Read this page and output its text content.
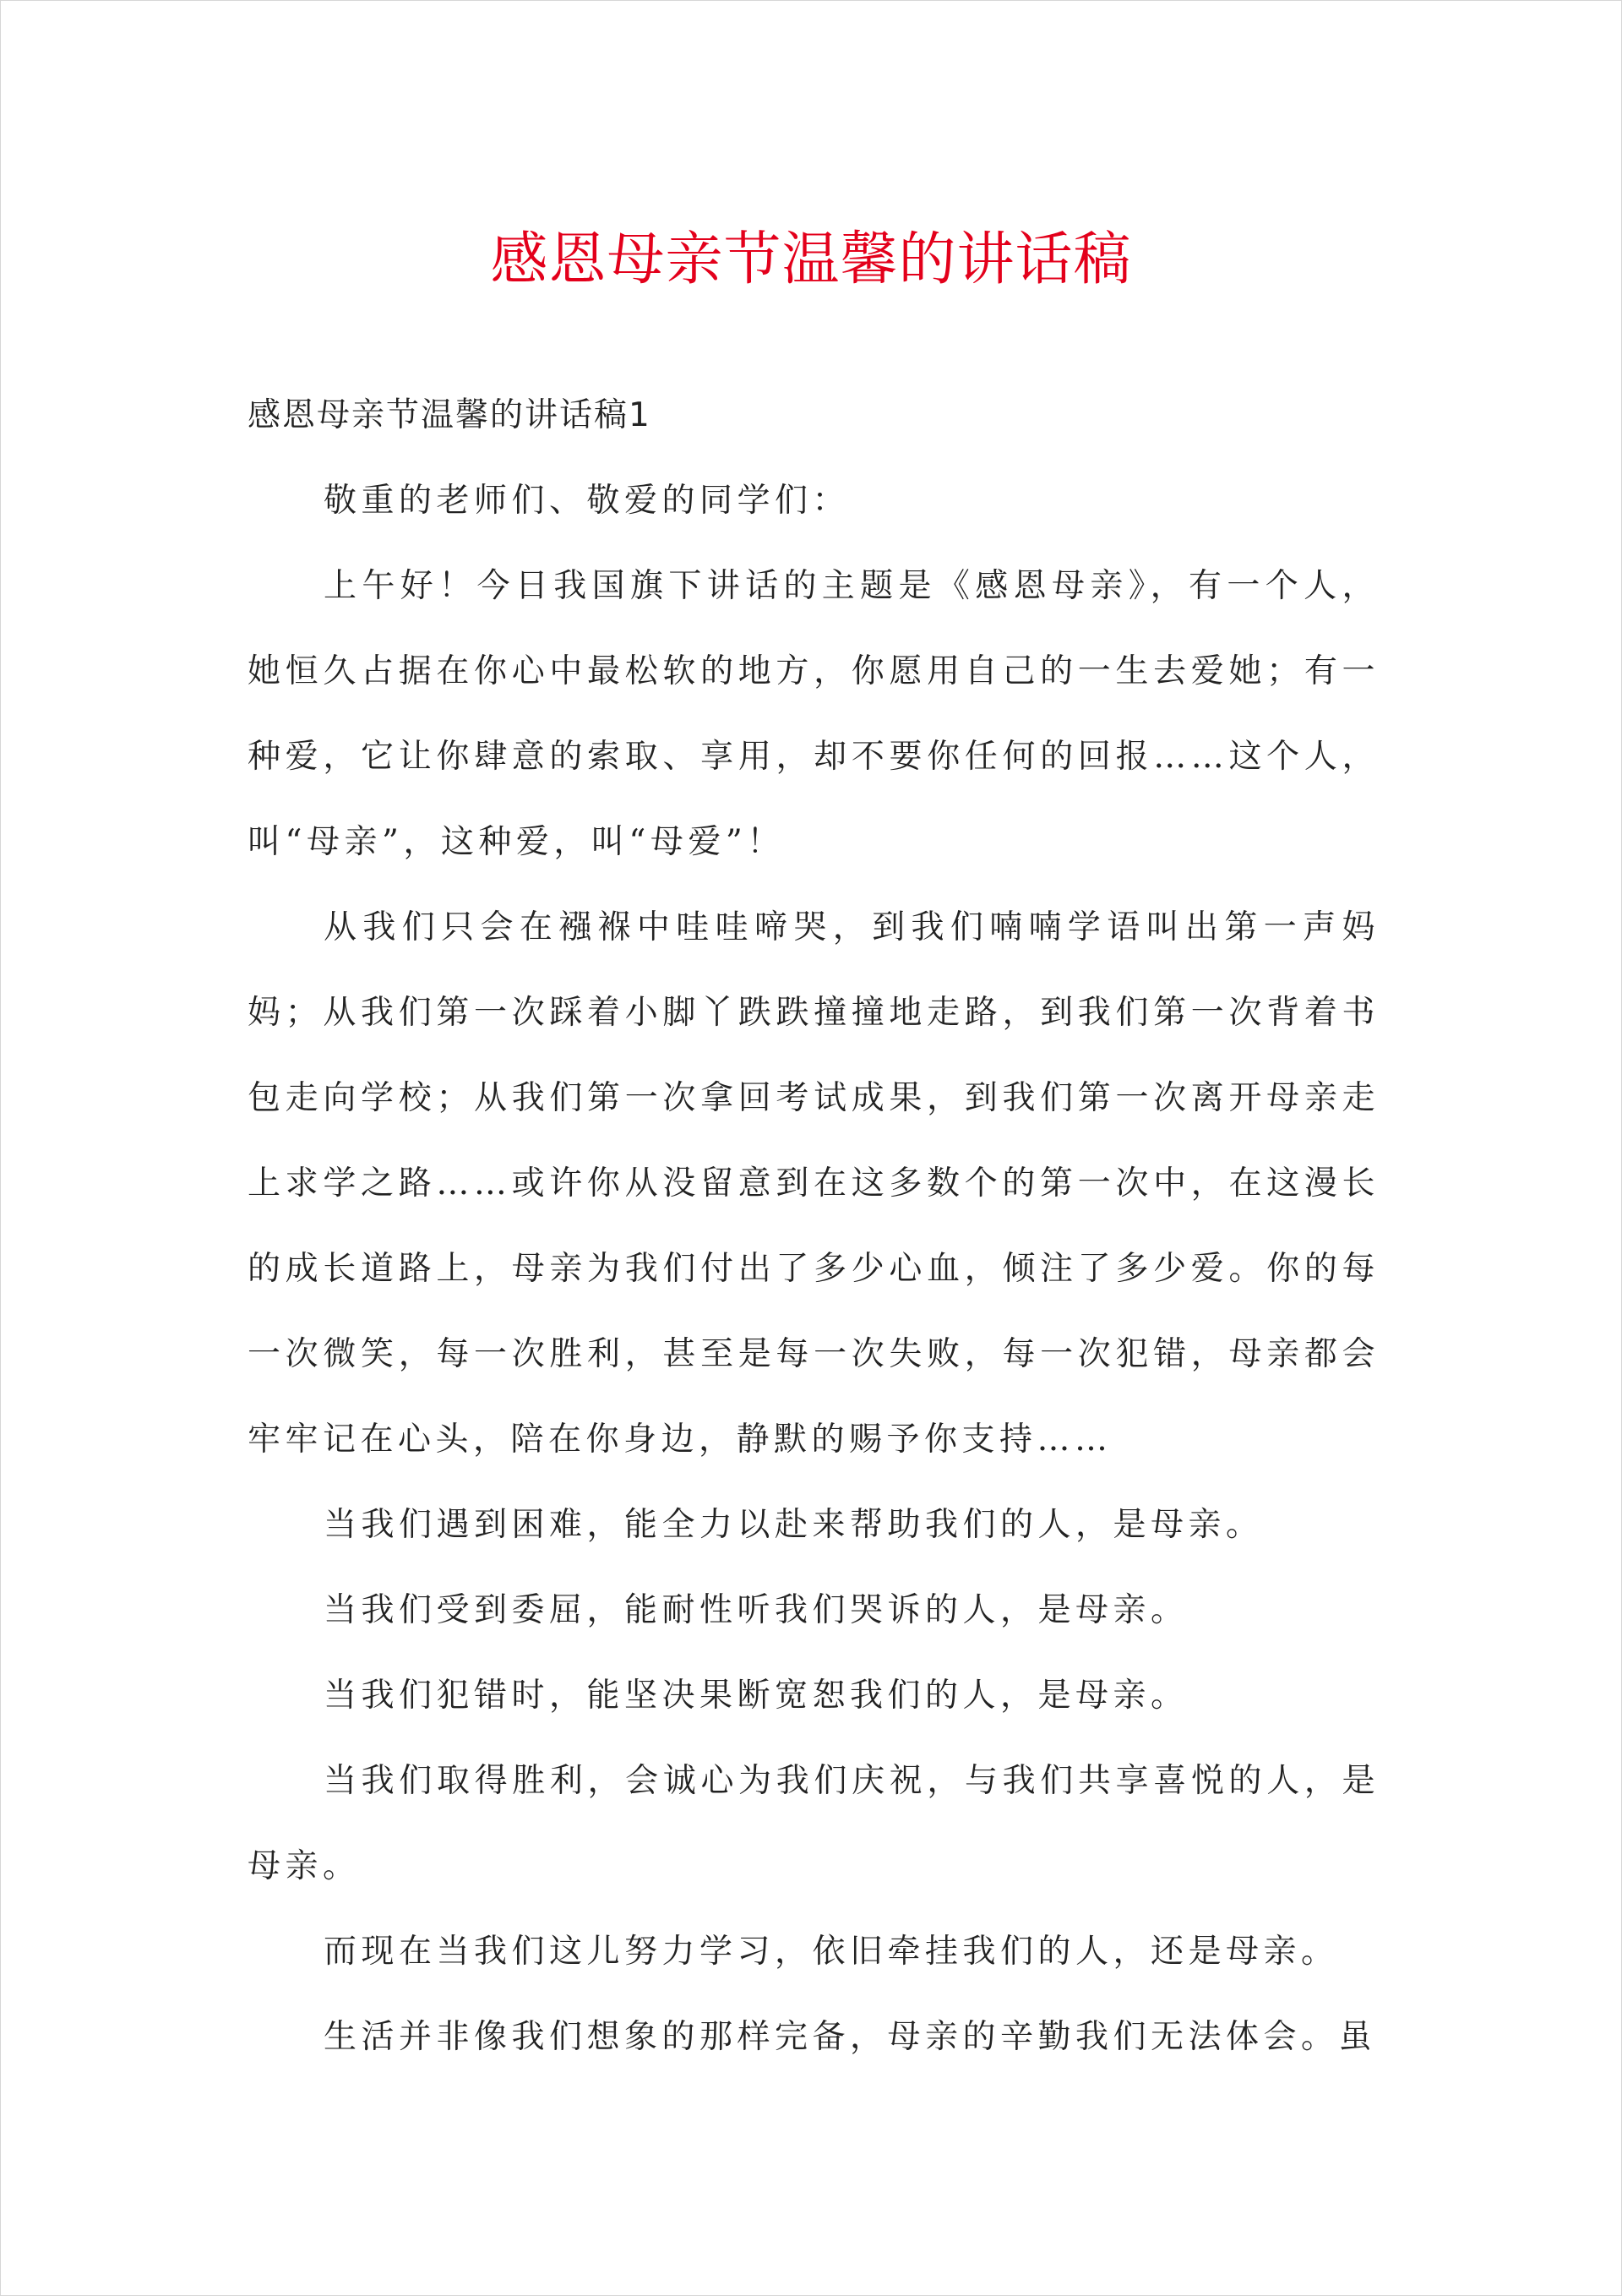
感恩母亲节温馨的讲话稿

感恩母亲节温馨的讲话稿1

敬重的老师们、敬爱的同学们：

上午好！今日我国旗下讲话的主题是《感恩母亲》，有一个人，她恒久占据在你心中最松软的地方，你愿用自己的一生去爱她；有一种爱，它让你肆意的索取、享用，却不要你任何的回报……这个人，叫“母亲”，这种爱，叫“母爱”！

从我们只会在襁褓中哇哇啼哭，到我们喃喃学语叫出第一声妈妈；从我们第一次踩着小脚丫跌跌撞撞地走路，到我们第一次背着书包走向学校；从我们第一次拿回考试成果，到我们第一次离开母亲走上求学之路……或许你从没留意到在这多数个的第一次中，在这漫长的成长道路上，母亲为我们付出了多少心血，倾注了多少爱。你的每一次微笑，每一次胜利，甚至是每一次失败，每一次犯错，母亲都会牢牢记在心头，陪在你身边，静默的赐予你支持……

当我们遇到困难，能全力以赴来帮助我们的人，是母亲。

当我们受到委屈，能耐性听我们哭诉的人，是母亲。

当我们犯错时，能坚决果断宽恕我们的人，是母亲。

当我们取得胜利，会诚心为我们庆祝，与我们共享喜悦的人，是母亲。

而现在当我们这儿努力学习，依旧牵挂我们的人，还是母亲。

生活并非像我们想象的那样完备，母亲的辛勤我们无法体会。虽
